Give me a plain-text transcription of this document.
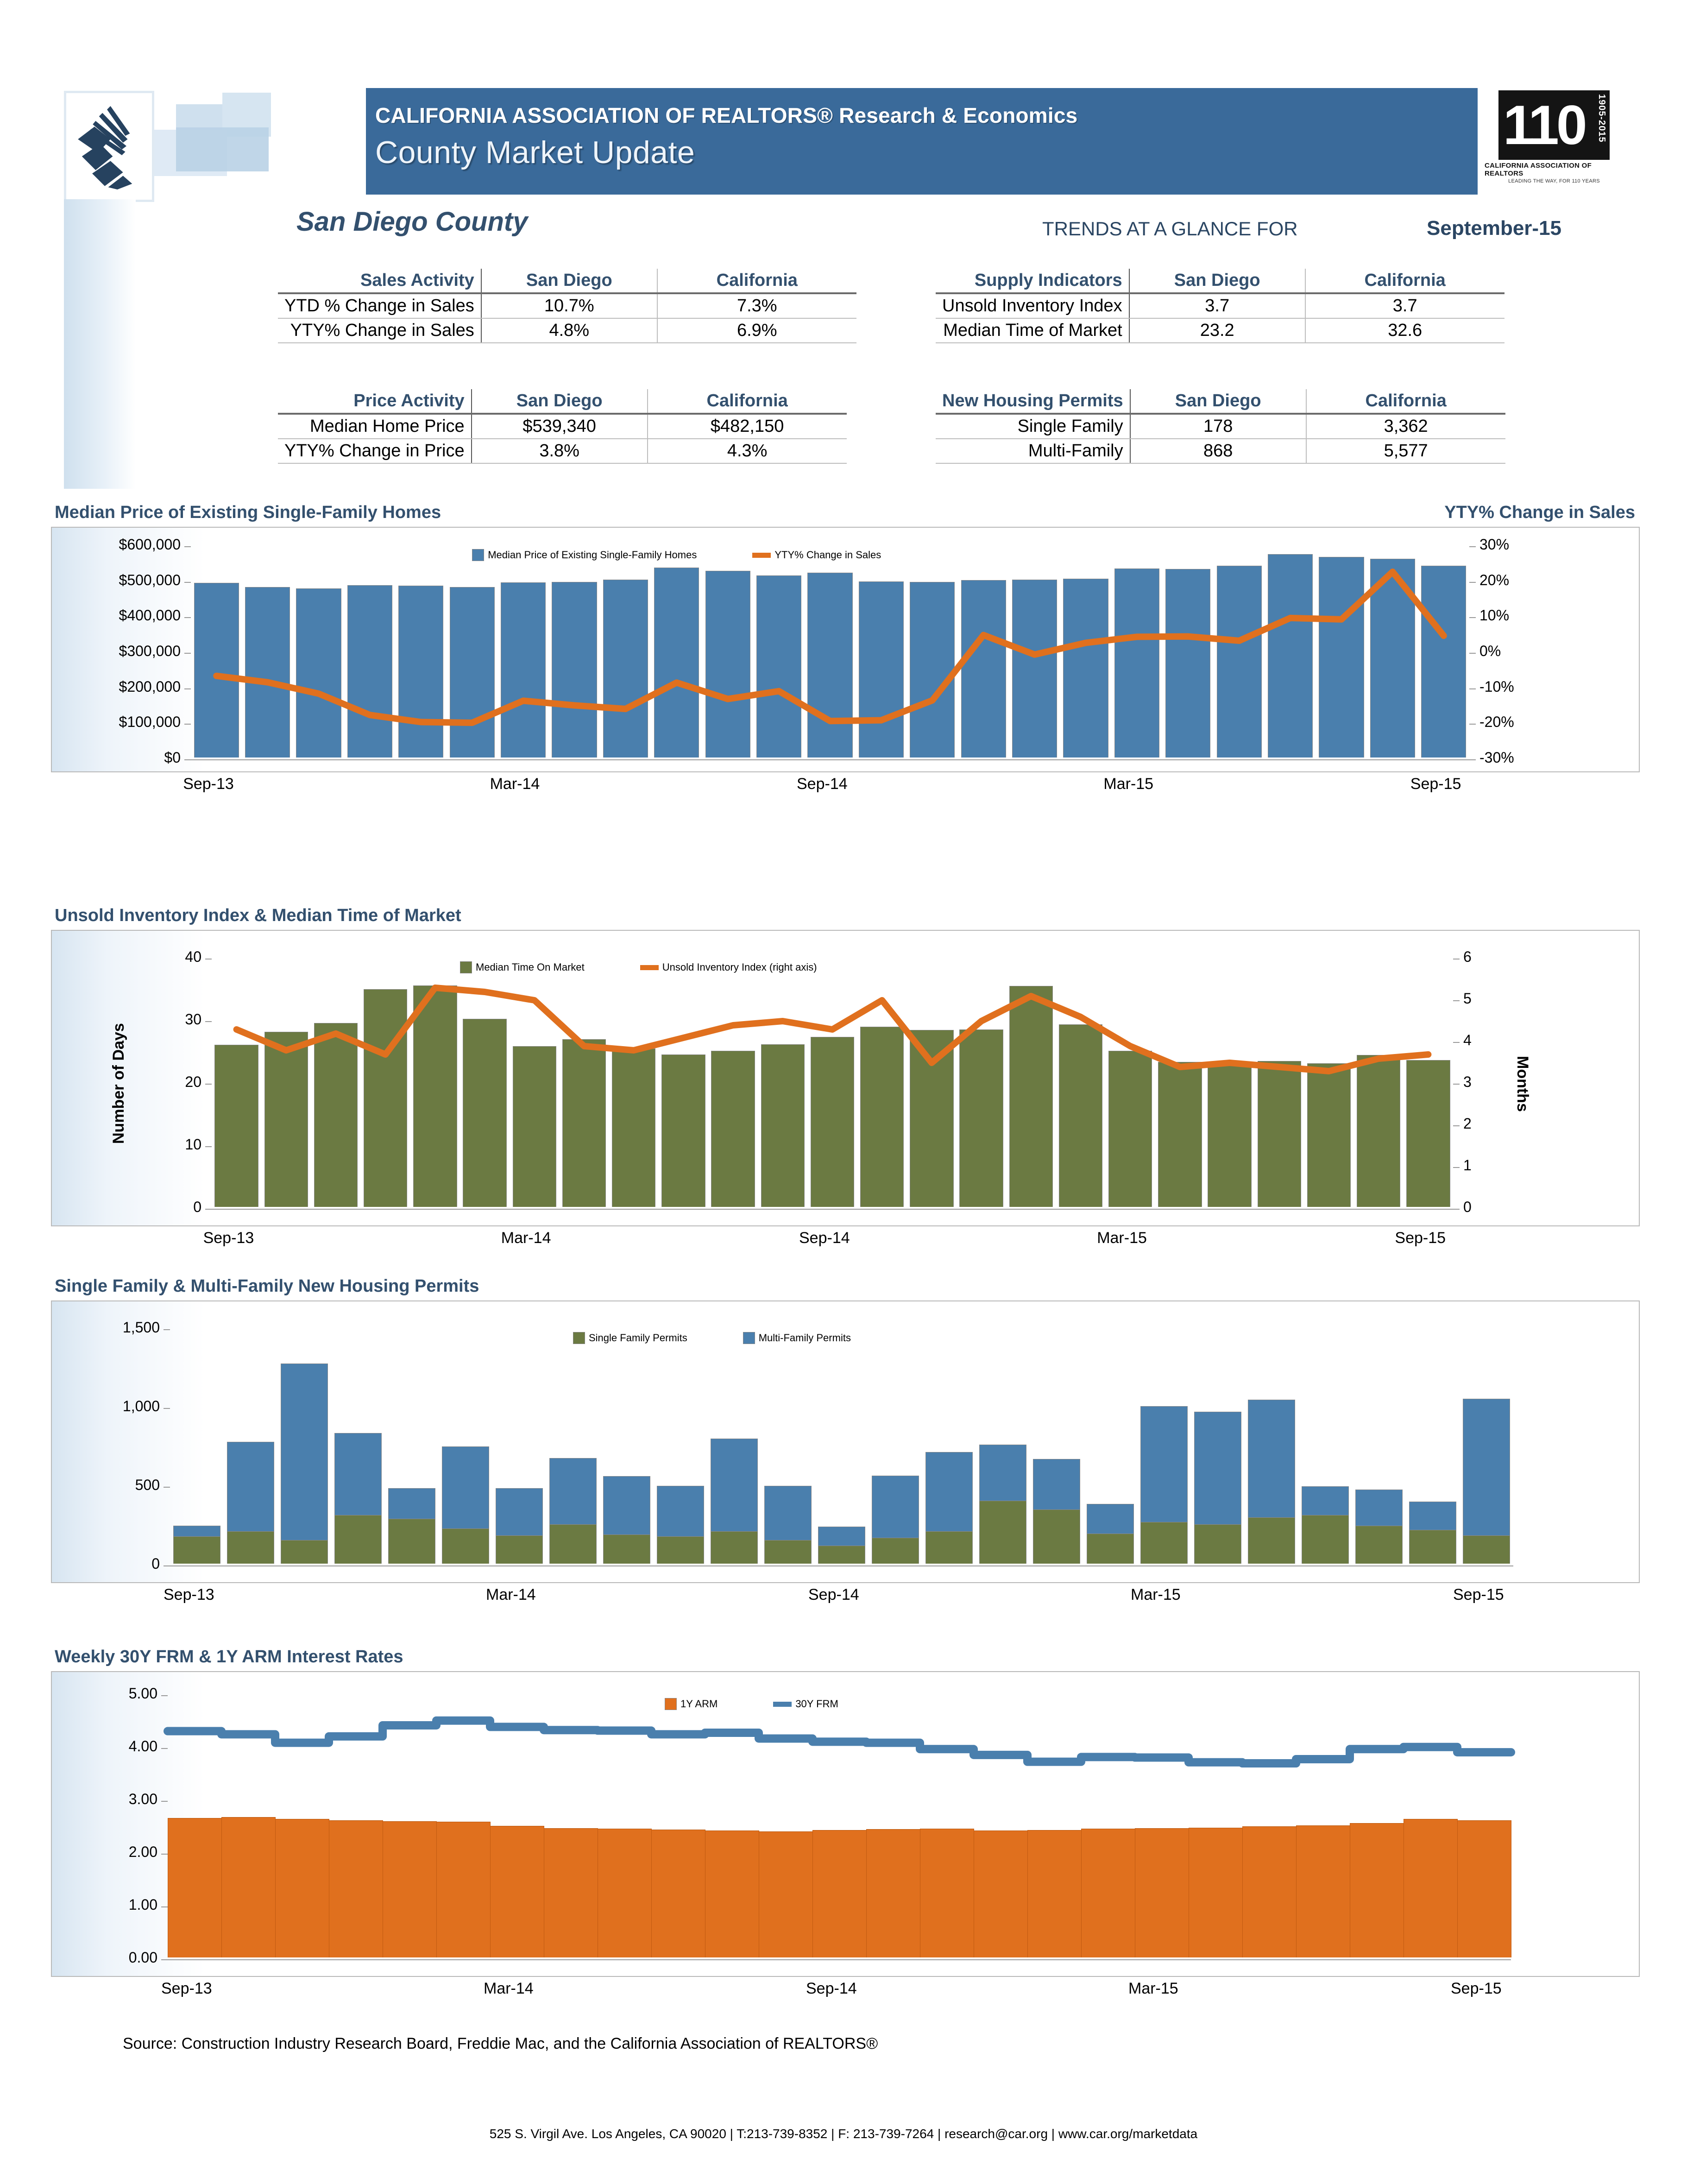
CALIFORNIA ASSOCIATION OF REALTORS® Research & Economics
County Market Update	110 1905-2015
CALIFORNIA ASSOCIATION OF REALTORS
LEADING THE WAY, FOR 110 YEARS
San Diego County	TRENDS AT A GLANCE FOR	September-15
Sales Activity	San Diego	California
YTD % Change in Sales	10.7%	7.3%
YTY% Change in Sales	4.8%	6.9%
Price Activity	San Diego	California
Median Home Price	$539,340	$482,150
YTY% Change in Price	3.8%	4.3%
Supply Indicators	San Diego	California
Unsold Inventory Index	3.7	3.7
Median Time of Market	23.2	32.6
New Housing Permits	San Diego	California
Single Family	178	3,362
Multi-Family	868	5,577
Median Price of Existing Single-Family Homes	YTY% Change in Sales
$0
$100,000
$200,000
$300,000
$400,000
$500,000
$600,000
-30%
-20%
-10%
0%
10%
20%
30%
Median Price of Existing Single-Family Homes	YTY% Change in Sales
Sep-13	Mar-14	Sep-14	Mar-15	Sep-15
Unsold Inventory Index & Median Time of Market
0
10
20
30
40
0
1
2
3
4
5
6
Number of Days	Months
Median Time On Market	Unsold Inventory Index (right axis)
Sep-13	Mar-14	Sep-14	Mar-15	Sep-15
Single Family & Multi-Family New Housing Permits
0
500
1,000
1,500
Single Family Permits	Multi-Family Permits
Sep-13	Mar-14	Sep-14	Mar-15	Sep-15
Weekly 30Y FRM & 1Y ARM Interest Rates
0.00
1.00
2.00
3.00
4.00
5.00
1Y ARM	30Y FRM
Sep-13	Mar-14	Sep-14	Mar-15	Sep-15
Source: Construction Industry Research Board, Freddie Mac, and the California Association of REALTORS®
525 S. Virgil Ave. Los Angeles, CA 90020 | T:213-739-8352 | F: 213-739-7264 | research@car.org | www.car.org/marketdata
